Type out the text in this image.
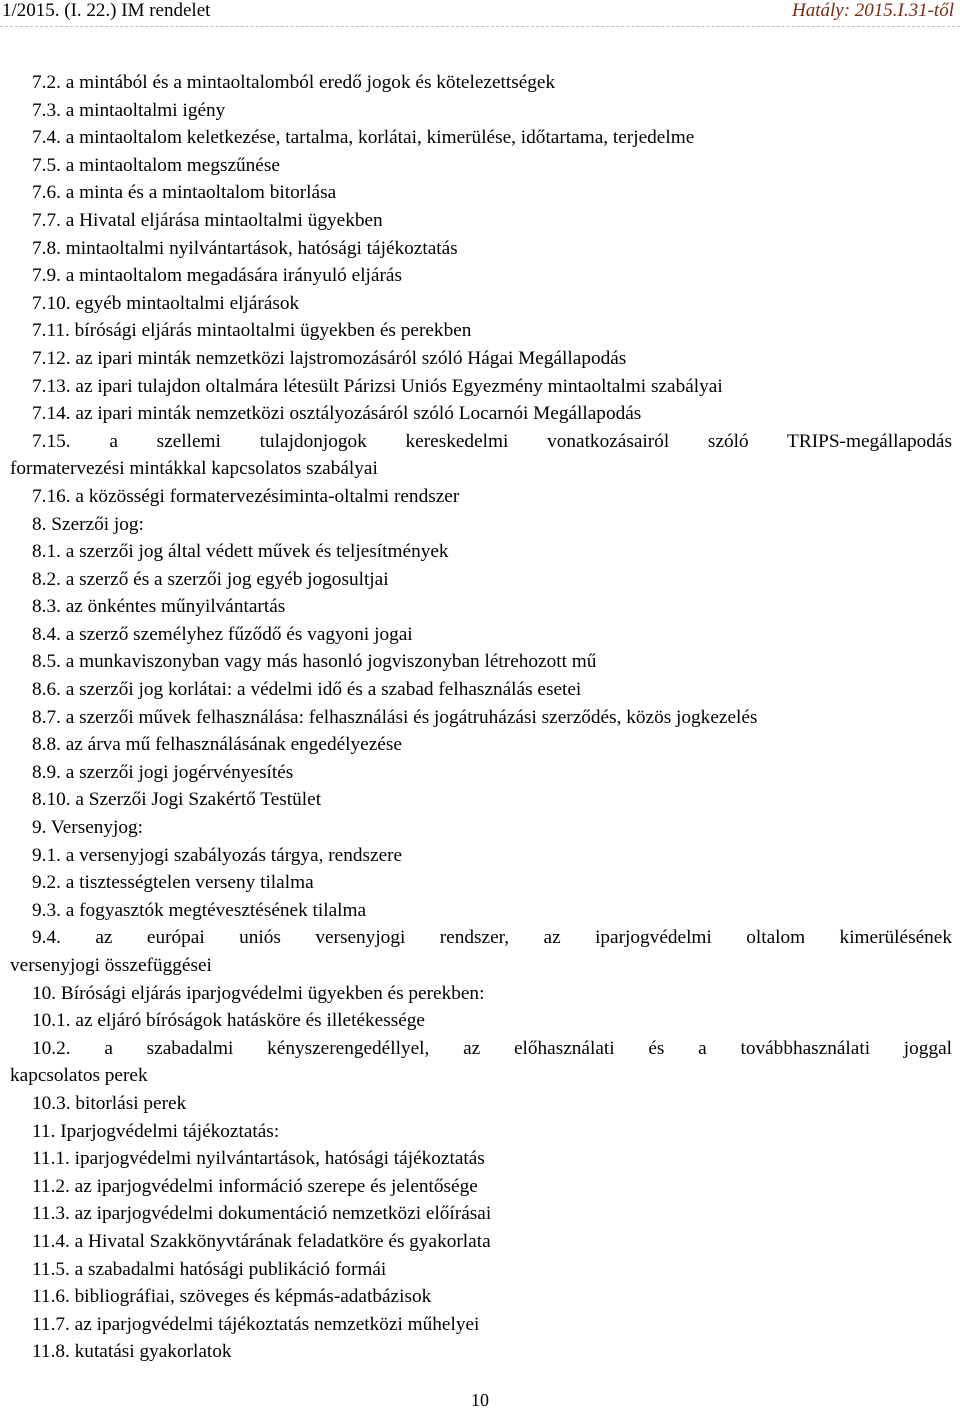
1/2015. (I. 22.) IM rendelet	Hatály: 2015.I.31-től
7.2. a mintából és a mintaoltalomból eredő jogok és kötelezettségek
7.3. a mintaoltalmi igény
7.4. a mintaoltalom keletkezése, tartalma, korlátai, kimerülése, időtartama, terjedelme
7.5. a mintaoltalom megszűnése
7.6. a minta és a mintaoltalom bitorlása
7.7. a Hivatal eljárása mintaoltalmi ügyekben
7.8. mintaoltalmi nyilvántartások, hatósági tájékoztatás
7.9. a mintaoltalom megadására irányuló eljárás
7.10. egyéb mintaoltalmi eljárások
7.11. bírósági eljárás mintaoltalmi ügyekben és perekben
7.12. az ipari minták nemzetközi lajstromozásáról szóló Hágai Megállapodás
7.13. az ipari tulajdon oltalmára létesült Párizsi Uniós Egyezmény mintaoltalmi szabályai
7.14. az ipari minták nemzetközi osztályozásáról szóló Locarnói Megállapodás
7.15. a szellemi tulajdonjogok kereskedelmi vonatkozásairól szóló TRIPS-megállapodás
formatervezési mintákkal kapcsolatos szabályai
7.16. a közösségi formatervezésiminta-oltalmi rendszer
8. Szerzői jog:
8.1. a szerzői jog által védett művek és teljesítmények
8.2. a szerző és a szerzői jog egyéb jogosultjai
8.3. az önkéntes műnyilvántartás
8.4. a szerző személyhez fűződő és vagyoni jogai
8.5. a munkaviszonyban vagy más hasonló jogviszonyban létrehozott mű
8.6. a szerzői jog korlátai: a védelmi idő és a szabad felhasználás esetei
8.7. a szerzői művek felhasználása: felhasználási és jogátruházási szerződés, közös jogkezelés
8.8. az árva mű felhasználásának engedélyezése
8.9. a szerzői jogi jogérvényesítés
8.10. a Szerzői Jogi Szakértő Testület
9. Versenyjog:
9.1. a versenyjogi szabályozás tárgya, rendszere
9.2. a tisztességtelen verseny tilalma
9.3. a fogyasztók megtévesztésének tilalma
9.4. az európai uniós versenyjogi rendszer, az iparjogvédelmi oltalom kimerülésének
versenyjogi összefüggései
10. Bírósági eljárás iparjogvédelmi ügyekben és perekben:
10.1. az eljáró bíróságok hatásköre és illetékessége
10.2. a szabadalmi kényszerengedéllyel, az előhasználati és a továbbhasználati joggal
kapcsolatos perek
10.3. bitorlási perek
11. Iparjogvédelmi tájékoztatás:
11.1. iparjogvédelmi nyilvántartások, hatósági tájékoztatás
11.2. az iparjogvédelmi információ szerepe és jelentősége
11.3. az iparjogvédelmi dokumentáció nemzetközi előírásai
11.4. a Hivatal Szakkönyvtárának feladatköre és gyakorlata
11.5. a szabadalmi hatósági publikáció formái
11.6. bibliográfiai, szöveges és képmás-adatbázisok
11.7. az iparjogvédelmi tájékoztatás nemzetközi műhelyei
11.8. kutatási gyakorlatok
10
